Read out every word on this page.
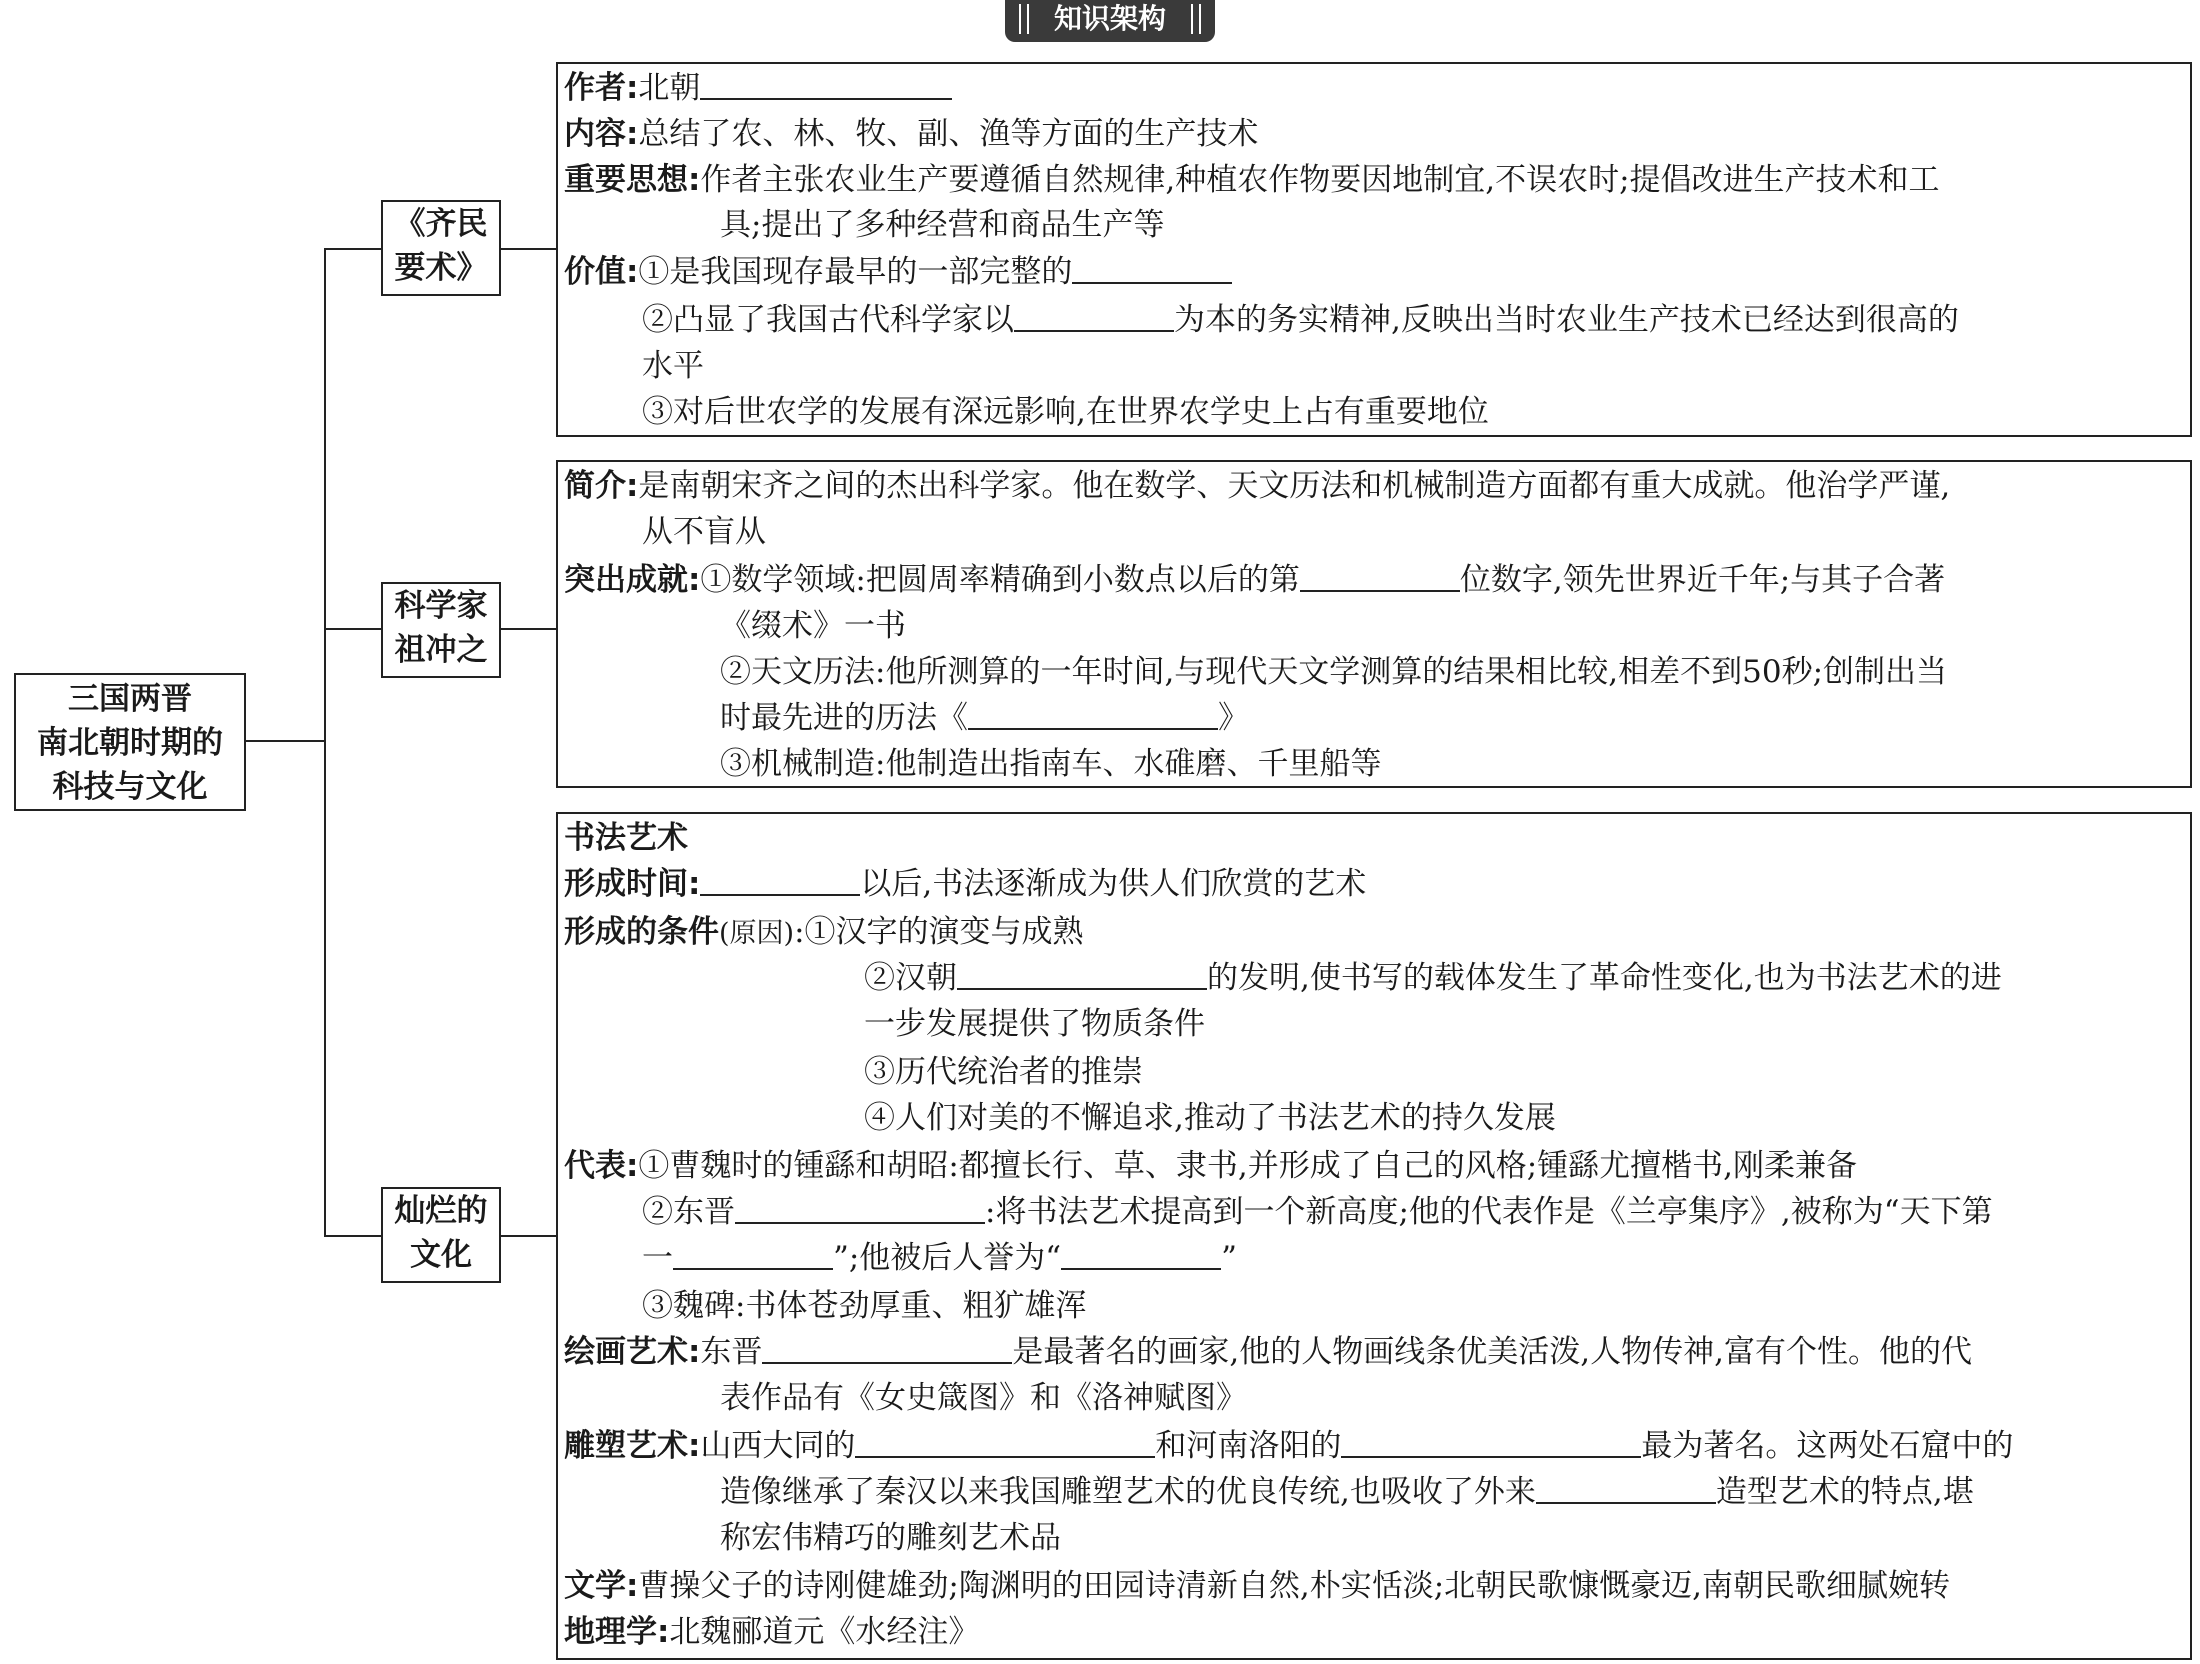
知识架构
三国两晋
南北朝时期的
科技与文化
《齐民
要术》
科学家
祖冲之
灿烂的
文化
作者:北朝
内容:总结了农、林、牧、副、渔等方面的生产技术
重要思想:作者主张农业生产要遵循自然规律,种植农作物要因地制宜,不误农时;提倡改进生产技术和工
具;提出了多种经营和商品生产等
价值:①是我国现存最早的一部完整的
②凸显了我国古代科学家以	为本的务实精神,反映出当时农业生产技术已经达到很高的
水平
③对后世农学的发展有深远影响,在世界农学史上占有重要地位
简介:是南朝宋齐之间的杰出科学家。他在数学、天文历法和机械制造方面都有重大成就。他治学严谨,
从不盲从
突出成就:①数学领域:把圆周率精确到小数点以后的第	位数字,领先世界近千年;与其子合著
《缀术》一书
②天文历法:他所测算的一年时间,与现代天文学测算的结果相比较,相差不到50秒;创制出当
时最先进的历法《	》
③机械制造:他制造出指南车、水碓磨、千里船等
书法艺术
形成时间:	以后,书法逐渐成为供人们欣赏的艺术
形成的条件(原因):①汉字的演变与成熟
②汉朝	的发明,使书写的载体发生了革命性变化,也为书法艺术的进
一步发展提供了物质条件
③历代统治者的推崇
④人们对美的不懈追求,推动了书法艺术的持久发展
代表:①曹魏时的锺繇和胡昭:都擅长行、草、隶书,并形成了自己的风格;锺繇尤擅楷书,刚柔兼备
②东晋	:将书法艺术提高到一个新高度;他的代表作是《兰亭集序》,被称为“天下第
一	”;他被后人誉为“	”
③魏碑:书体苍劲厚重、粗犷雄浑
绘画艺术:东晋	是最著名的画家,他的人物画线条优美活泼,人物传神,富有个性。他的代
表作品有《女史箴图》和《洛神赋图》
雕塑艺术:山西大同的	和河南洛阳的	最为著名。这两处石窟中的
造像继承了秦汉以来我国雕塑艺术的优良传统,也吸收了外来	造型艺术的特点,堪
称宏伟精巧的雕刻艺术品
文学:曹操父子的诗刚健雄劲;陶渊明的田园诗清新自然,朴实恬淡;北朝民歌慷慨豪迈,南朝民歌细腻婉转
地理学:北魏郦道元《水经注》
